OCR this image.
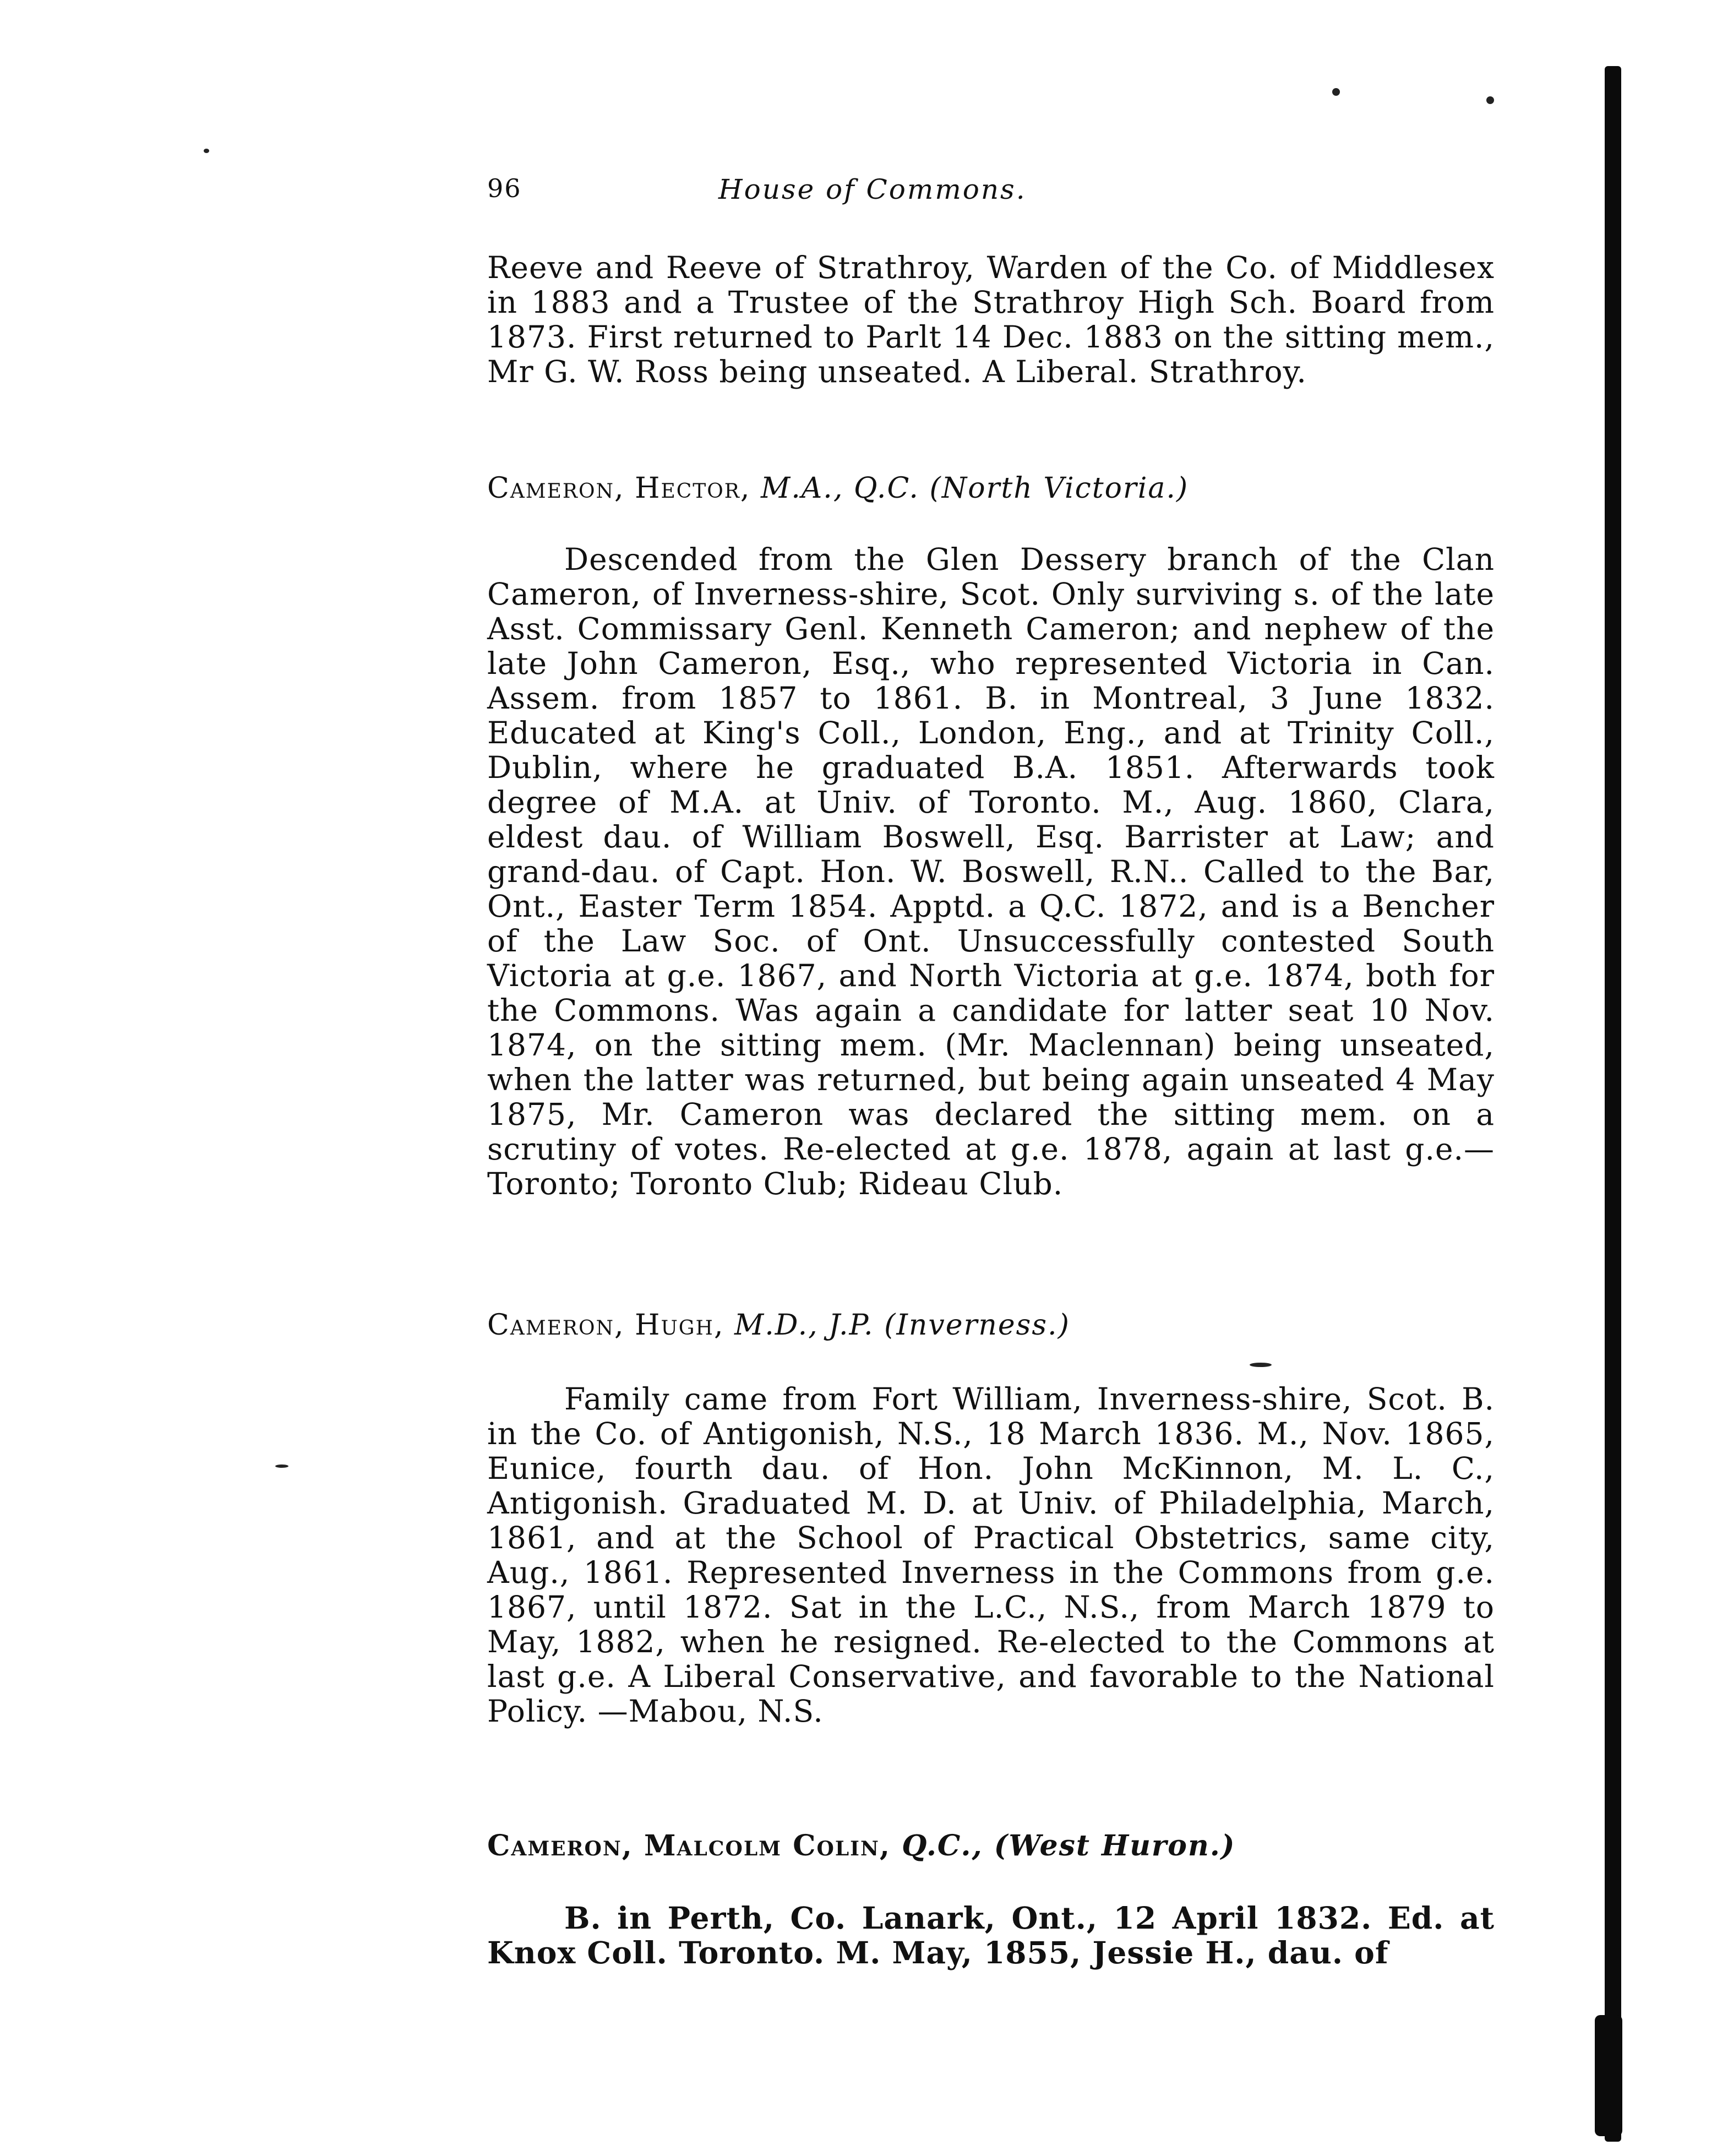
96	House of Commons.
Reeve and Reeve of Strathroy, Warden of the Co. of Middlesex in 1883 and a Trustee of the Strathroy High Sch. Board from 1873. First returned to Parlt 14 Dec. 1883 on the sitting mem., Mr G. W. Ross being unseated. A Liberal. Strathroy.
Cameron, Hector, M.A., Q.C. (North Victoria.)
Descended from the Glen Dessery branch of the Clan Cameron, of Inverness-shire, Scot. Only surviving s. of the late Asst. Commissary Genl. Kenneth Cameron; and nephew of the late John Cameron, Esq., who represented Victoria in Can. Assem. from 1857 to 1861. B. in Montreal, 3 June 1832. Educated at King's Coll., London, Eng., and at Trinity Coll., Dublin, where he graduated B.A. 1851. Afterwards took degree of M.A. at Univ. of Toronto. M., Aug. 1860, Clara, eldest dau. of William Boswell, Esq. Barrister at Law; and grand-dau. of Capt. Hon. W. Boswell, R.N.. Called to the Bar, Ont., Easter Term 1854. Apptd. a Q.C. 1872, and is a Bencher of the Law Soc. of Ont. Unsuccessfully contested South Victoria at g.e. 1867, and North Victoria at g.e. 1874, both for the Commons. Was again a candidate for latter seat 10 Nov. 1874, on the sitting mem. (Mr. Maclennan) being unseated, when the latter was returned, but being again unseated 4 May 1875, Mr. Cameron was declared the sitting mem. on a scrutiny of votes. Re-elected at g.e. 1878, again at last g.e.—Toronto; Toronto Club; Rideau Club.
Cameron, Hugh, M.D., J.P. (Inverness.)
Family came from Fort William, Inverness-shire, Scot. B. in the Co. of Antigonish, N.S., 18 March 1836. M., Nov. 1865, Eunice, fourth dau. of Hon. John McKinnon, M. L. C., Antigonish. Graduated M. D. at Univ. of Philadelphia, March, 1861, and at the School of Practical Obstetrics, same city, Aug., 1861. Represented Inverness in the Commons from g.e. 1867, until 1872. Sat in the L.C., N.S., from March 1879 to May, 1882, when he resigned. Re-elected to the Commons at last g.e. A Liberal Conservative, and favorable to the National Policy. —Mabou, N.S.
Cameron, Malcolm Colin, Q.C., (West Huron.)
B. in Perth, Co. Lanark, Ont., 12 April 1832. Ed. at Knox Coll. Toronto. M. May, 1855, Jessie H., dau. of
